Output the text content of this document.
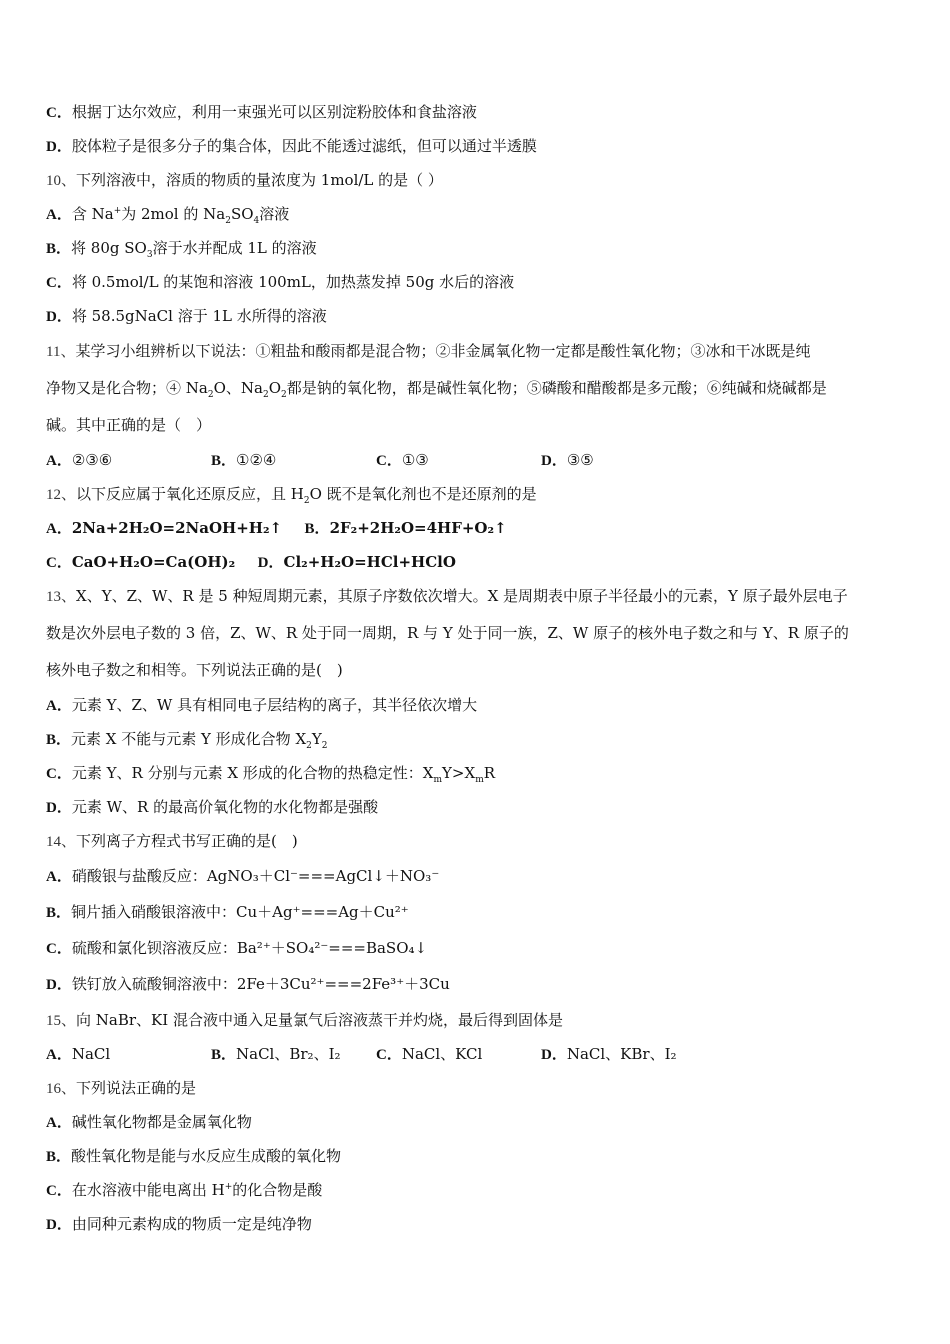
C．根据丁达尔效应，利用一束强光可以区别淀粉胶体和食盐溶液
D．胶体粒子是很多分子的集合体，因此不能透过滤纸，但可以通过半透膜
10、下列溶液中，溶质的物质的量浓度为 1mol/L 的是（ ）
A．含 Na+为 2mol 的 $Na_2SO_4$溶液
B．将 80g $SO_3$溶于水并配成 1L 的溶液
C．将 0.5mol/L 的某饱和溶液 100mL，加热蒸发掉 50g 水后的溶液
D．将 58.5gNaCl 溶于 1L 水所得的溶液
11、某学习小组辨析以下说法：①粗盐和酸雨都是混合物；②非金属氧化物一定都是酸性氧化物；③冰和干冰既是纯
净物又是化合物；④ $Na_2O$、$Na_2O_2$都是钠的氧化物，都是碱性氧化物；⑤磷酸和醋酸都是多元酸；⑥纯碱和烧碱都是
碱。其中正确的是（　）
A．②③⑥	B．①②④	C．①③	D．③⑤
12、以下反应属于氧化还原反应，且 $H_2O$ 既不是氧化剂也不是还原剂的是
A．2Na+2H₂O=2NaOH+H₂↑ B．2F₂+2H₂O=4HF+O₂↑
C．CaO+H₂O=Ca(OH)₂ D．Cl₂+H₂O=HCl+HClO
13、X、Y、Z、W、R 是 5 种短周期元素，其原子序数依次增大。X 是周期表中原子半径最小的元素，Y 原子最外层电子
数是次外层电子数的 3 倍，Z、W、R 处于同一周期，R 与 Y 处于同一族，Z、W 原子的核外电子数之和与 Y、R 原子的
核外电子数之和相等。下列说法正确的是(　)
A．元素 Y、Z、W 具有相同电子层结构的离子，其半径依次增大
B．元素 X 不能与元素 Y 形成化合物 $X_2Y_2$
C．元素 Y、R 分别与元素 X 形成的化合物的热稳定性：$X_mY>X_mR$
D．元素 W、R 的最高价氧化物的水化物都是强酸
14、下列离子方程式书写正确的是(　)
A．硝酸银与盐酸反应：AgNO₃＋Cl⁻===AgCl↓＋NO₃⁻
B．铜片插入硝酸银溶液中：Cu＋Ag⁺===Ag＋Cu²⁺
C．硫酸和氯化钡溶液反应：Ba²⁺＋SO₄²⁻===BaSO₄↓
D．铁钉放入硫酸铜溶液中：2Fe＋3Cu²⁺===2Fe³⁺＋3Cu
15、向 NaBr、KI 混合液中通入足量氯气后溶液蒸干并灼烧，最后得到固体是
A．NaCl	B．NaCl、Br₂、I₂ C．NaCl、KCl	D．NaCl、KBr、I₂
16、下列说法正确的是
A．碱性氧化物都是金属氧化物
B．酸性氧化物是能与水反应生成酸的氧化物
C．在水溶液中能电离出 H+的化合物是酸
D．由同种元素构成的物质一定是纯净物
